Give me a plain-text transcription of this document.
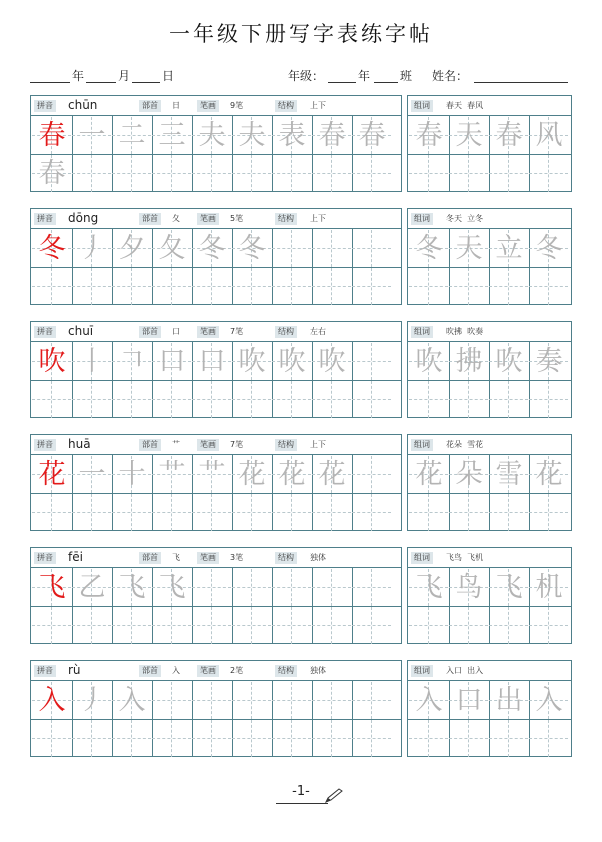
一年级下册写字表练字帖
年	月	日	年级：	年 班 姓名：
拼音 chūn	部首	日	笔画	9笔	结构	上下
春 一 二 三 夫 夫 表 春 春
春
组词	春天  春风
春 天 春 风
拼音 dōng	部首	夂	笔画	5笔	结构	上下
冬 丿 夕 夂 冬 冬
组词	冬天  立冬
冬 天 立 冬
拼音 chuī	部首	口	笔画	7笔	结构	左右
吹 丨 𠃍 口 口 吹 吹 吹
组词	吹拂  吹奏
吹 拂 吹 奏
拼音 huā	部首	艹	笔画	7笔	结构	上下
花 一 十 艹 艹 花 花 花
组词	花朵  雪花
花 朵 雪 花
拼音 fēi	部首	飞	笔画	3笔	结构	独体
飞 乙 飞 飞
组词	飞鸟  飞机
飞 鸟 飞 机
拼音 rù	部首	入	笔画	2笔	结构	独体
入 丿 入
组词	入口  出入
入 口 出 入
-1-
